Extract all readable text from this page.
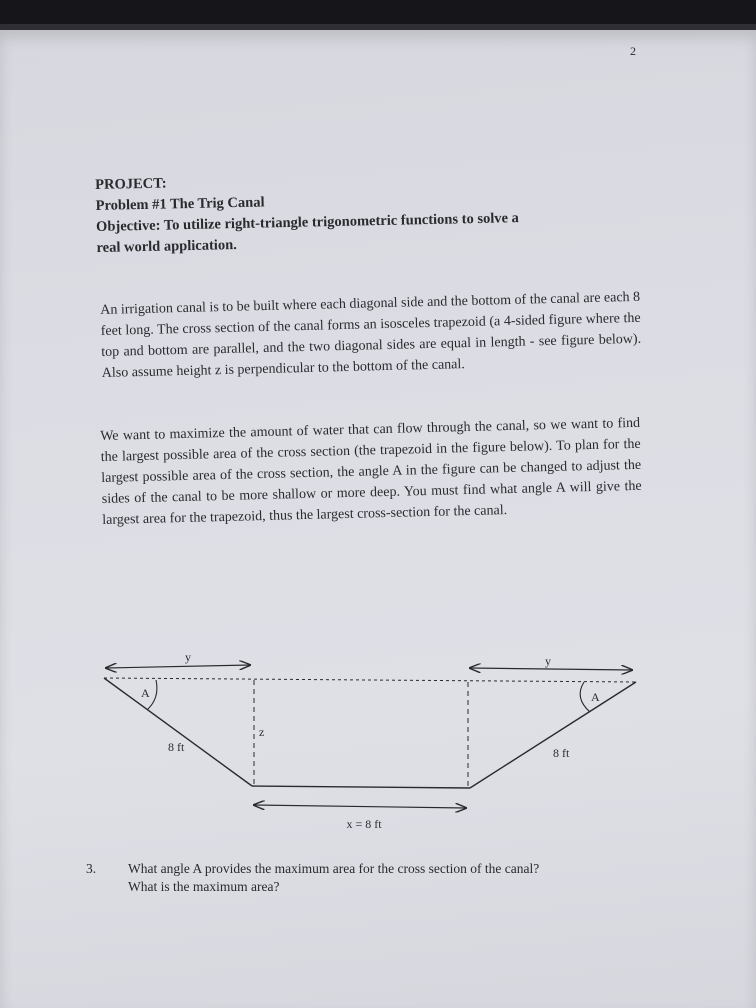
2
PROJECT:
Problem #1 The Trig Canal
Objective: To utilize right-triangle trigonometric functions to solve a
real world application.
An irrigation canal is to be built where each diagonal side and the bottom of the canal are each 8 feet long. The cross section of the canal forms an isosceles trapezoid (a 4-sided figure where the top and bottom are parallel, and the two diagonal sides are equal in length - see figure below). Also assume height z is perpendicular to the bottom of the canal.
We want to maximize the amount of water that can flow through the canal, so we want to find the largest possible area of the cross section (the trapezoid in the figure below). To plan for the largest possible area of the cross section, the angle A in the figure can be changed to adjust the sides of the canal to be more shallow or more deep. You must find what angle A will give the largest area for the trapezoid, thus the largest cross-section for the canal.
y	y
A	A
8 ft	8 ft
z
x = 8 ft
3. What angle A provides the maximum area for the cross section of the canal?
What is the maximum area?
